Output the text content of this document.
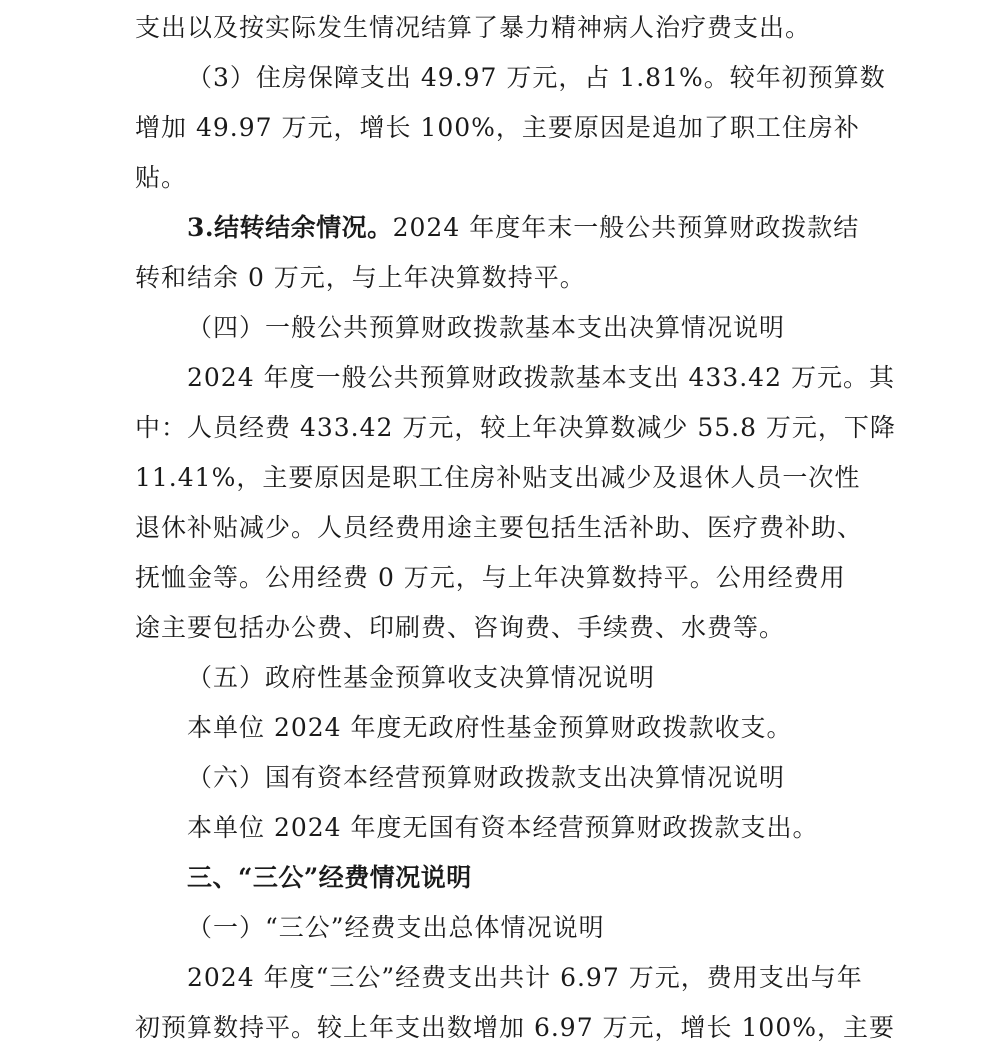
支出以及按实际发生情况结算了暴力精神病人治疗费支出。
（3）住房保障支出 49.97 万元，占 1.81%。较年初预算数
增加 49.97 万元，增长 100%，主要原因是追加了职工住房补
贴。
3.结转结余情况。2024 年度年末一般公共预算财政拨款结
转和结余 0 万元，与上年决算数持平。
（四）一般公共预算财政拨款基本支出决算情况说明
2024 年度一般公共预算财政拨款基本支出 433.42 万元。其
中：人员经费 433.42 万元，较上年决算数减少 55.8 万元，下降
11.41%，主要原因是职工住房补贴支出减少及退休人员一次性
退休补贴减少。人员经费用途主要包括生活补助、医疗费补助、
抚恤金等。公用经费 0 万元，与上年决算数持平。公用经费用
途主要包括办公费、印刷费、咨询费、手续费、水费等。
（五）政府性基金预算收支决算情况说明
本单位 2024 年度无政府性基金预算财政拨款收支。
（六）国有资本经营预算财政拨款支出决算情况说明
本单位 2024 年度无国有资本经营预算财政拨款支出。
三、“三公”经费情况说明
（一）“三公”经费支出总体情况说明
2024 年度“三公”经费支出共计 6.97 万元，费用支出与年
初预算数持平。较上年支出数增加 6.97 万元，增长 100%，主要
